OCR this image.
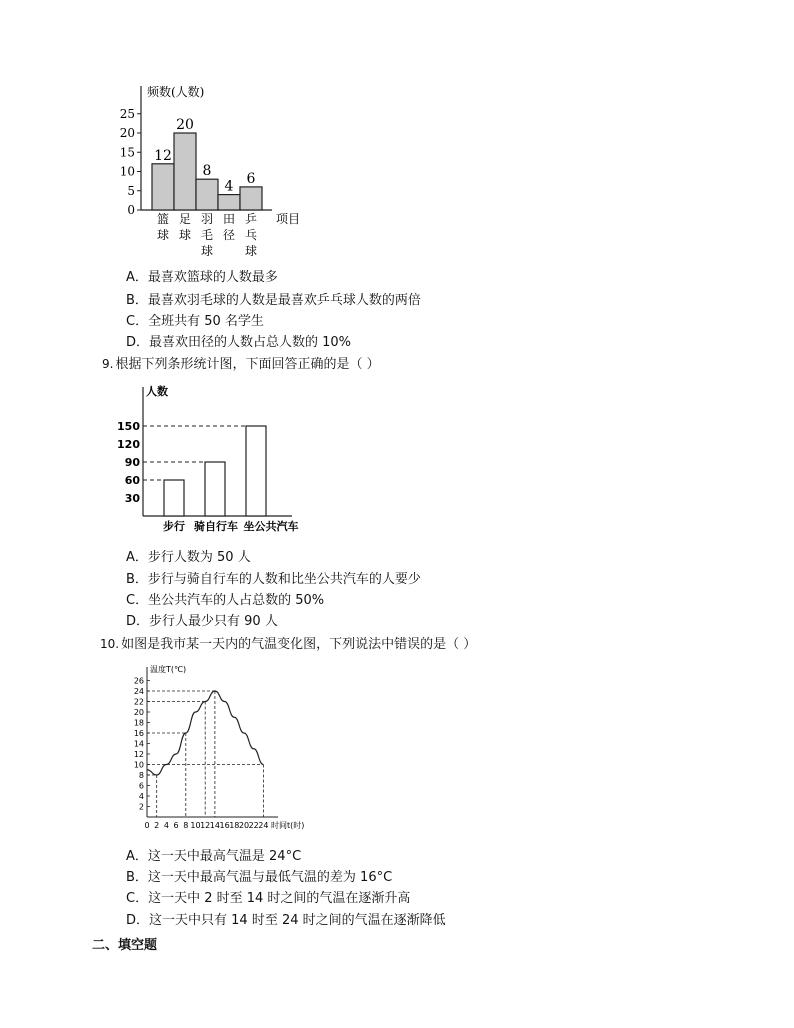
频数(人数)
25
20
15
10
5
0
12
篮
球
20
足
球
8
羽
毛
球
4
田
径
6
乒
乓
球
项目
A．最喜欢篮球的人数最多
B．最喜欢羽毛球的人数是最喜欢乒乓球人数的两倍
C．全班共有 50 名学生
D．最喜欢田径的人数占总人数的 10%
9. 根据下列条形统计图，下面回答正确的是（ ）
人数
150
120
90
60
30
步行 骑自行车 坐公共汽车
A．步行人数为 50 人
B．步行与骑自行车的人数和比坐公共汽车的人要少
C．坐公共汽车的人占总数的 50%
D．步行人最少只有 90 人
10. 如图是我市某一天内的气温变化图，下列说法中错误的是（ ）
温度T(℃)
26
24
22
20
18
16
14
12
10
8
6
4
2
0 2 4 6 8 10 12 14 16 18 20 22 24 时间t(时)
A．这一天中最高气温是 24°C
B．这一天中最高气温与最低气温的差为 16°C
C．这一天中 2 时至 14 时之间的气温在逐渐升高
D．这一天中只有 14 时至 24 时之间的气温在逐渐降低
二、填空题
